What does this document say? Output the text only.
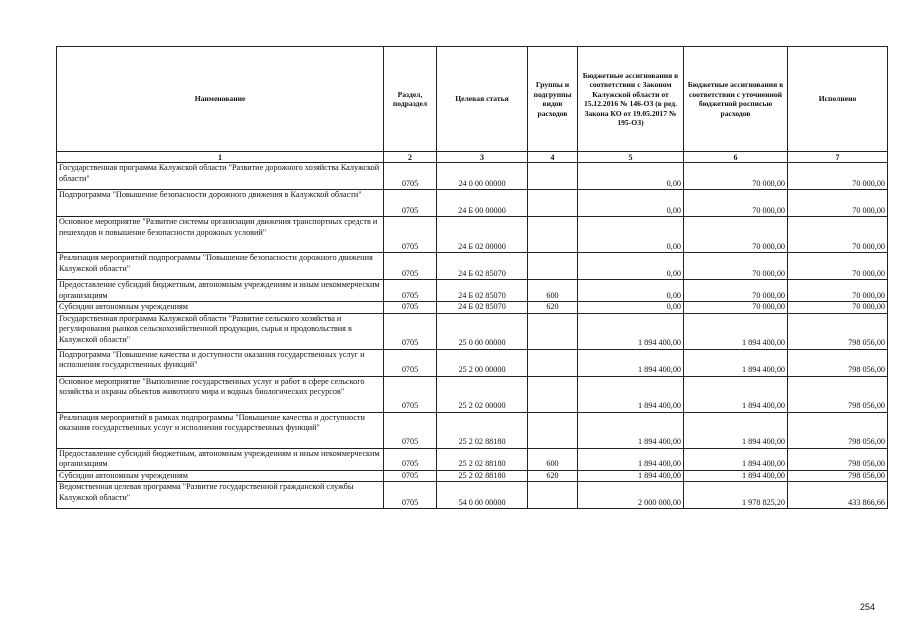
Наименование	Раздел, подраздел	Целевая статья	Группы и подгруппы видов расходов	Бюджетные ассигнования в соответствии с Законом Калужской области от 15.12.2016 № 146-ОЗ (в ред. Закона КО от 19.05.2017 № 195-ОЗ)	Бюджетные ассигнования в соответствии с уточненной бюджетной росписью расходов	Исполнено
1	2	3	4	5	6	7
Государственная программа Калужской области "Развитие дорожного хозяйства Калужской области"	0705	24 0 00 00000		0,00	70 000,00	70 000,00
Подпрограмма "Повышение безопасности дорожного движения в Калужской области"	0705	24 Б 00 00000		0,00	70 000,00	70 000,00
Основное мероприятие "Развитие системы организации движения транспортных средств и пешеходов и повышение безопасности дорожных условий"	0705	24 Б 02 00000		0,00	70 000,00	70 000,00
Реализация мероприятий подпрограммы "Повышение безопасности дорожного движения Калужской области"	0705	24 Б 02 85070		0,00	70 000,00	70 000,00
Предоставление субсидий бюджетным, автономным учреждениям и иным некоммерческим организациям	0705	24 Б 02 85070	600	0,00	70 000,00	70 000,00
Субсидии автономным учреждениям	0705	24 Б 02 85070	620	0,00	70 000,00	70 000,00
Государственная программа Калужской области "Развитие сельского хозяйства и регулирования рынков сельскохозяйственной продукции, сырья и продовольствия в Калужской области"	0705	25 0 00 00000		1 894 400,00	1 894 400,00	798 056,00
Подпрограмма "Повышение качества и доступности оказания государственных услуг и исполнения государственных функций"	0705	25 2 00 00000		1 894 400,00	1 894 400,00	798 056,00
Основное мероприятие "Выполнение государственных услуг и работ в сфере сельского хозяйства и охраны объектов животного мира и водных биологических ресурсов"	0705	25 2 02 00000		1 894 400,00	1 894 400,00	798 056,00
Реализация мероприятий в рамках подпрограммы "Повышение качества и доступности оказания государственных услуг и исполнения государственных функций"	0705	25 2 02 88180		1 894 400,00	1 894 400,00	798 056,00
Предоставление субсидий бюджетным, автономным учреждениям и иным некоммерческим организациям	0705	25 2 02 88180	600	1 894 400,00	1 894 400,00	798 056,00
Субсидии автономным учреждениям	0705	25 2 02 88180	620	1 894 400,00	1 894 400,00	798 056,00
Ведомственная целевая программа "Развитие государственной гражданской службы Калужской области"	0705	54 0 00 00000		2 000 000,00	1 978 825,20	433 866,66
254
